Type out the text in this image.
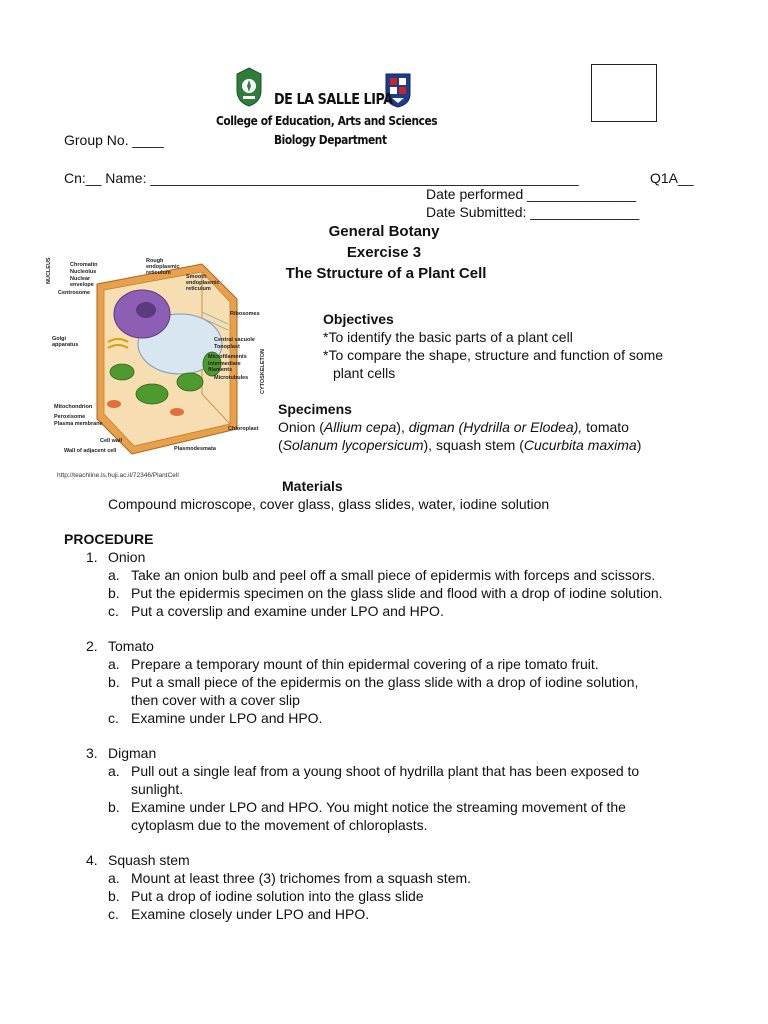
DE LA SALLE LIPA
College of Education, Arts and Sciences
Biology Department
Group No. ____
Cn:__ Name: _______________________________________________________	Q1A__
Date performed ______________
Date Submitted: ______________
General Botany
Exercise 3
The Structure of a Plant Cell
Chromatin
Nucleolus
Nuclear envelope
Centrosome
Rough endoplasmic reticulum
Smooth endoplasmic reticulum
Ribosomes
Golgi apparatus
Central vacuole
Tonoplast
Microfilaments
Intermediate filaments
Microtubules
Mitochondrion
Peroxisome
Plasma membrane
Cell wall
Wall of adjacent cell
Chloroplast
Plasmodesmata
NUCLEUS
CYTOSKELETON
http://teachline.ls.huji.ac.il/72346/PlantCell
Objectives
*To identify the basic parts of a plant cell
*To compare the shape, structure and function of some
plant cells
Specimens
Onion (Allium cepa), digman (Hydrilla or Elodea), tomato
(Solanum lycopersicum), squash stem (Cucurbita maxima)
Materials
Compound microscope, cover glass, glass slides, water, iodine solution
PROCEDURE
1. Onion
a. Take an onion bulb and peel off a small piece of epidermis with forceps and scissors.
b. Put the epidermis specimen on the glass slide and flood with a drop of iodine solution.
c. Put a coverslip and examine under LPO and HPO.
2. Tomato
a. Prepare a temporary mount of thin epidermal covering of a ripe tomato fruit.
b. Put a small piece of the epidermis on the glass slide with a drop of iodine solution,
then cover with a cover slip
c. Examine under LPO and HPO.
3. Digman
a. Pull out a single leaf from a young shoot of hydrilla plant that has been exposed to
sunlight.
b. Examine under LPO and HPO. You might notice the streaming movement of the
cytoplasm due to the movement of chloroplasts.
4. Squash stem
a. Mount at least three (3) trichomes from a squash stem.
b. Put a drop of iodine solution into the glass slide
c. Examine closely under LPO and HPO.
